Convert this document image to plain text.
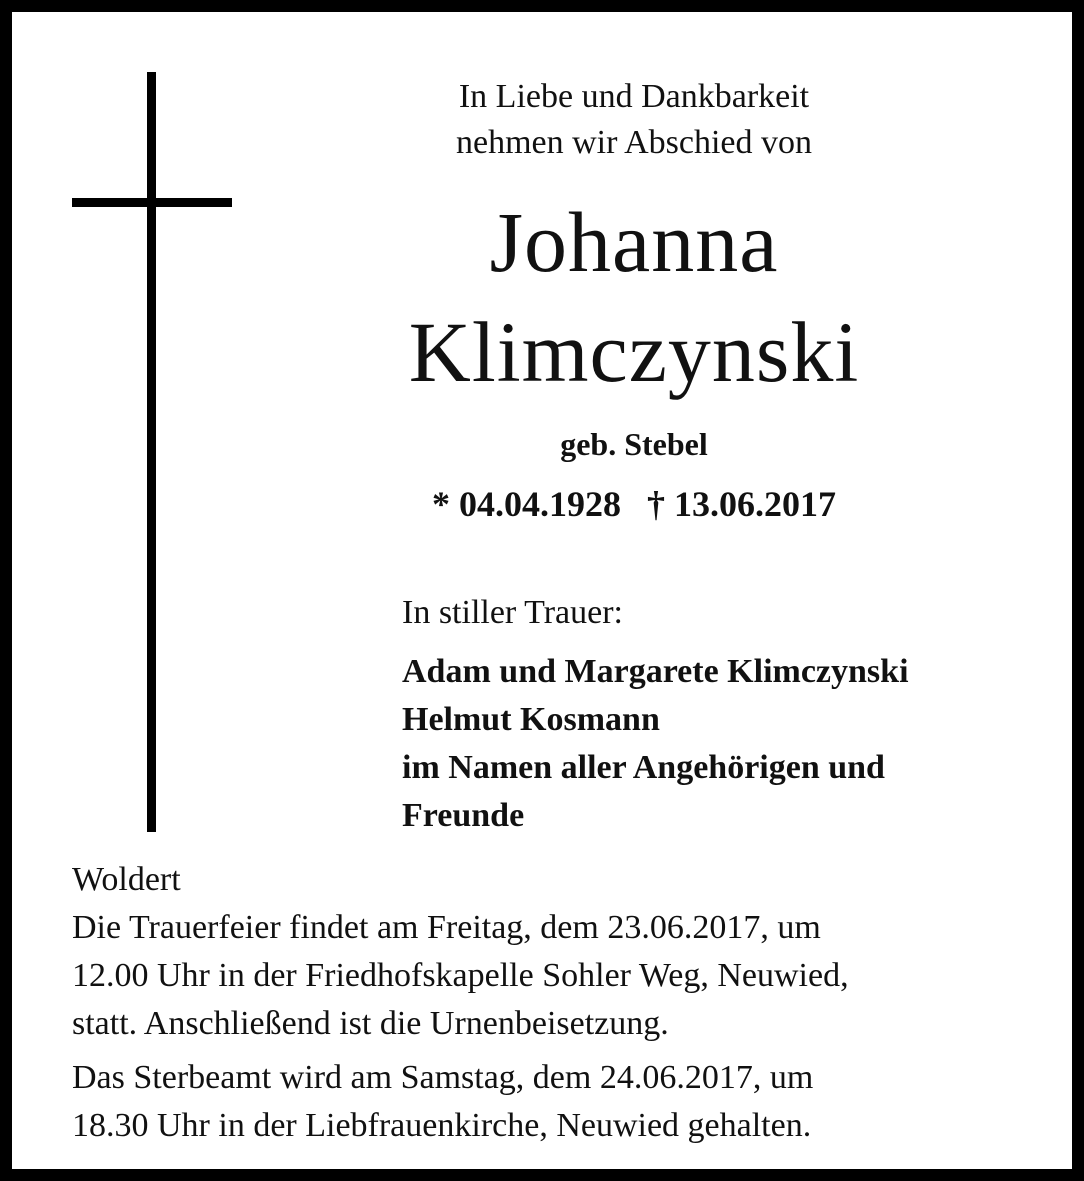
In Liebe und Dankbarkeit
nehmen wir Abschied von
Johanna
Klimczynski
geb. Stebel
* 04.04.1928 † 13.06.2017
In stiller Trauer:
Adam und Margarete Klimczynski
Helmut Kosmann
im Namen aller Angehörigen und
Freunde
Woldert
Die Trauerfeier findet am Freitag, dem 23.06.2017, um
12.00 Uhr in der Friedhofskapelle Sohler Weg, Neuwied,
statt. Anschließend ist die Urnenbeisetzung.
Das Sterbeamt wird am Samstag, dem 24.06.2017, um
18.30 Uhr in der Liebfrauenkirche, Neuwied gehalten.
